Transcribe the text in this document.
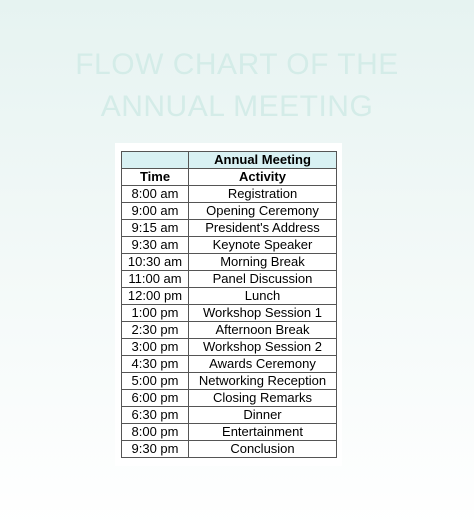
FLOW CHART OF THE
ANNUAL MEETING
	Annual Meeting
Time	Activity
8:00 am	Registration
9:00 am	Opening Ceremony
9:15 am	President's Address
9:30 am	Keynote Speaker
10:30 am	Morning Break
11:00 am	Panel Discussion
12:00 pm	Lunch
1:00 pm	Workshop Session 1
2:30 pm	Afternoon Break
3:00 pm	Workshop Session 2
4:30 pm	Awards Ceremony
5:00 pm	Networking Reception
6:00 pm	Closing Remarks
6:30 pm	Dinner
8:00 pm	Entertainment
9:30 pm	Conclusion
